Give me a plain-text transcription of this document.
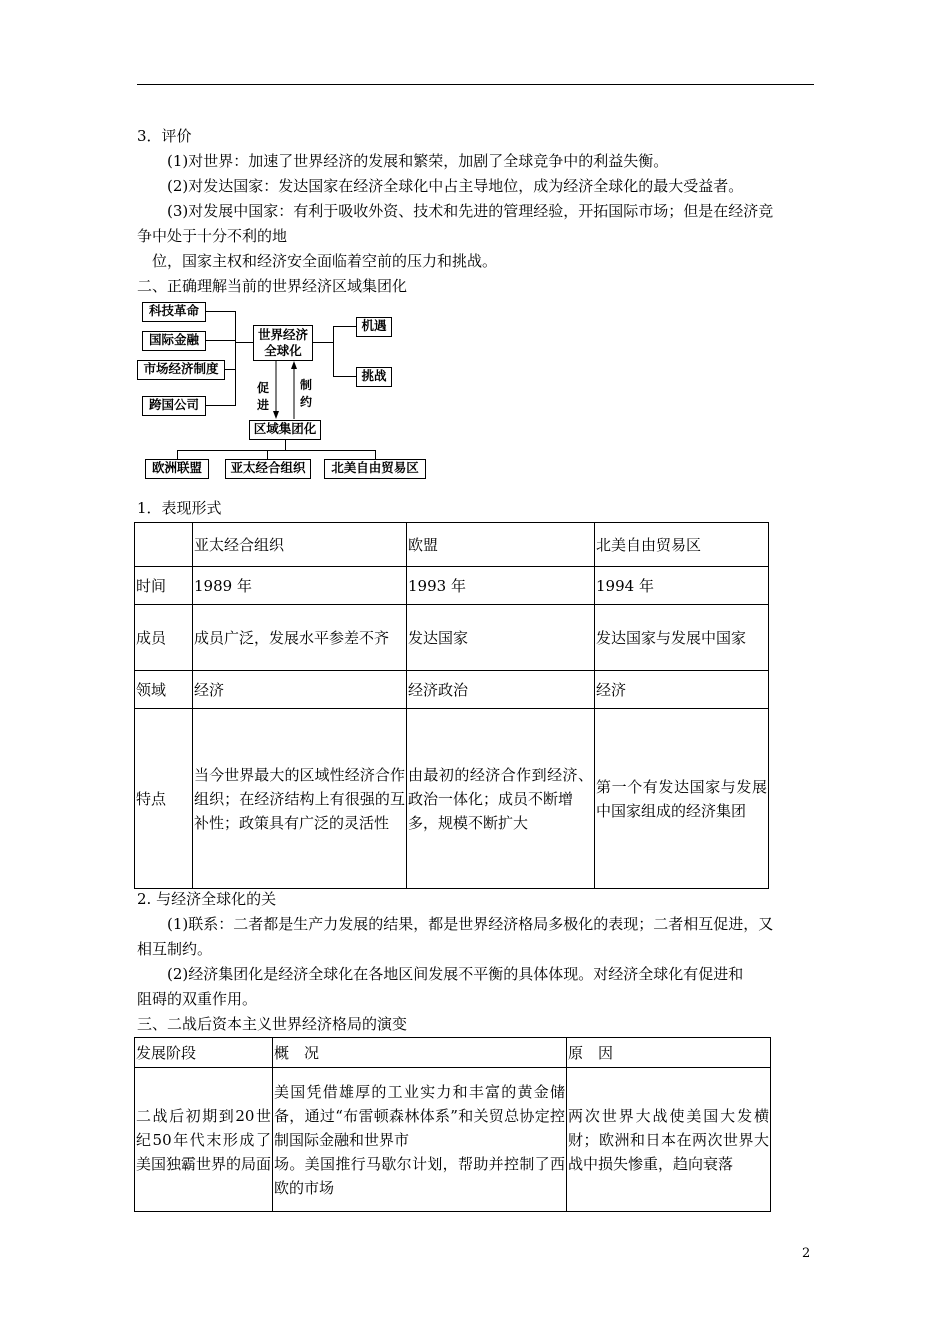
3．评价
(1)对世界：加速了世界经济的发展和繁荣，加剧了全球竞争中的利益失衡。
(2)对发达国家：发达国家在经济全球化中占主导地位，成为经济全球化的最大受益者。
(3)对发展中国家：有利于吸收外资、技术和先进的管理经验，开拓国际市场；但是在经济竞
争中处于十分不利的地
位，国家主权和经济安全面临着空前的压力和挑战。
二、正确理解当前的世界经济区域集团化
科技革命
国际金融
市场经济制度
跨国公司
世界经济全球化
机遇
挑战
促进
制约
区域集团化
欧洲联盟	亚太经合组织	北美自由贸易区
1．表现形式
	亚太经合组织	欧盟	北美自由贸易区
时间	1989 年	1993 年	1994 年
成员	成员广泛，发展水平参差不齐	发达国家	发达国家与发展中国家
领域	经济	经济政治	经济
特点	当今世界最大的区域性经济合作组织；在经济结构上有很强的互补性；政策具有广泛的灵活性	由最初的经济合作到经济、政治一体化；成员不断增
多，规模不断扩大	第一个有发达国家与发展中国家组成的经济集团
2. 与经济全球化的关
(1)联系：二者都是生产力发展的结果，都是世界经济格局多极化的表现；二者相互促进，又
相互制约。
(2)经济集团化是经济全球化在各地区间发展不平衡的具体体现。对经济全球化有促进和
阻碍的双重作用。
三、二战后资本主义世界经济格局的演变
发展阶段	概　况	原　因
二战后初期到20世纪50年代末形成了美国独霸世界的局面	美国凭借雄厚的工业实力和丰富的黄金储备，通过“布雷顿森林体系”和关贸总协定控制国际金融和世界市
场。美国推行马歇尔计划，帮助并控制了西欧的市场	两次世界大战使美国大发横财；欧洲和日本在两次世界大战中损失惨重，趋向衰落
2
